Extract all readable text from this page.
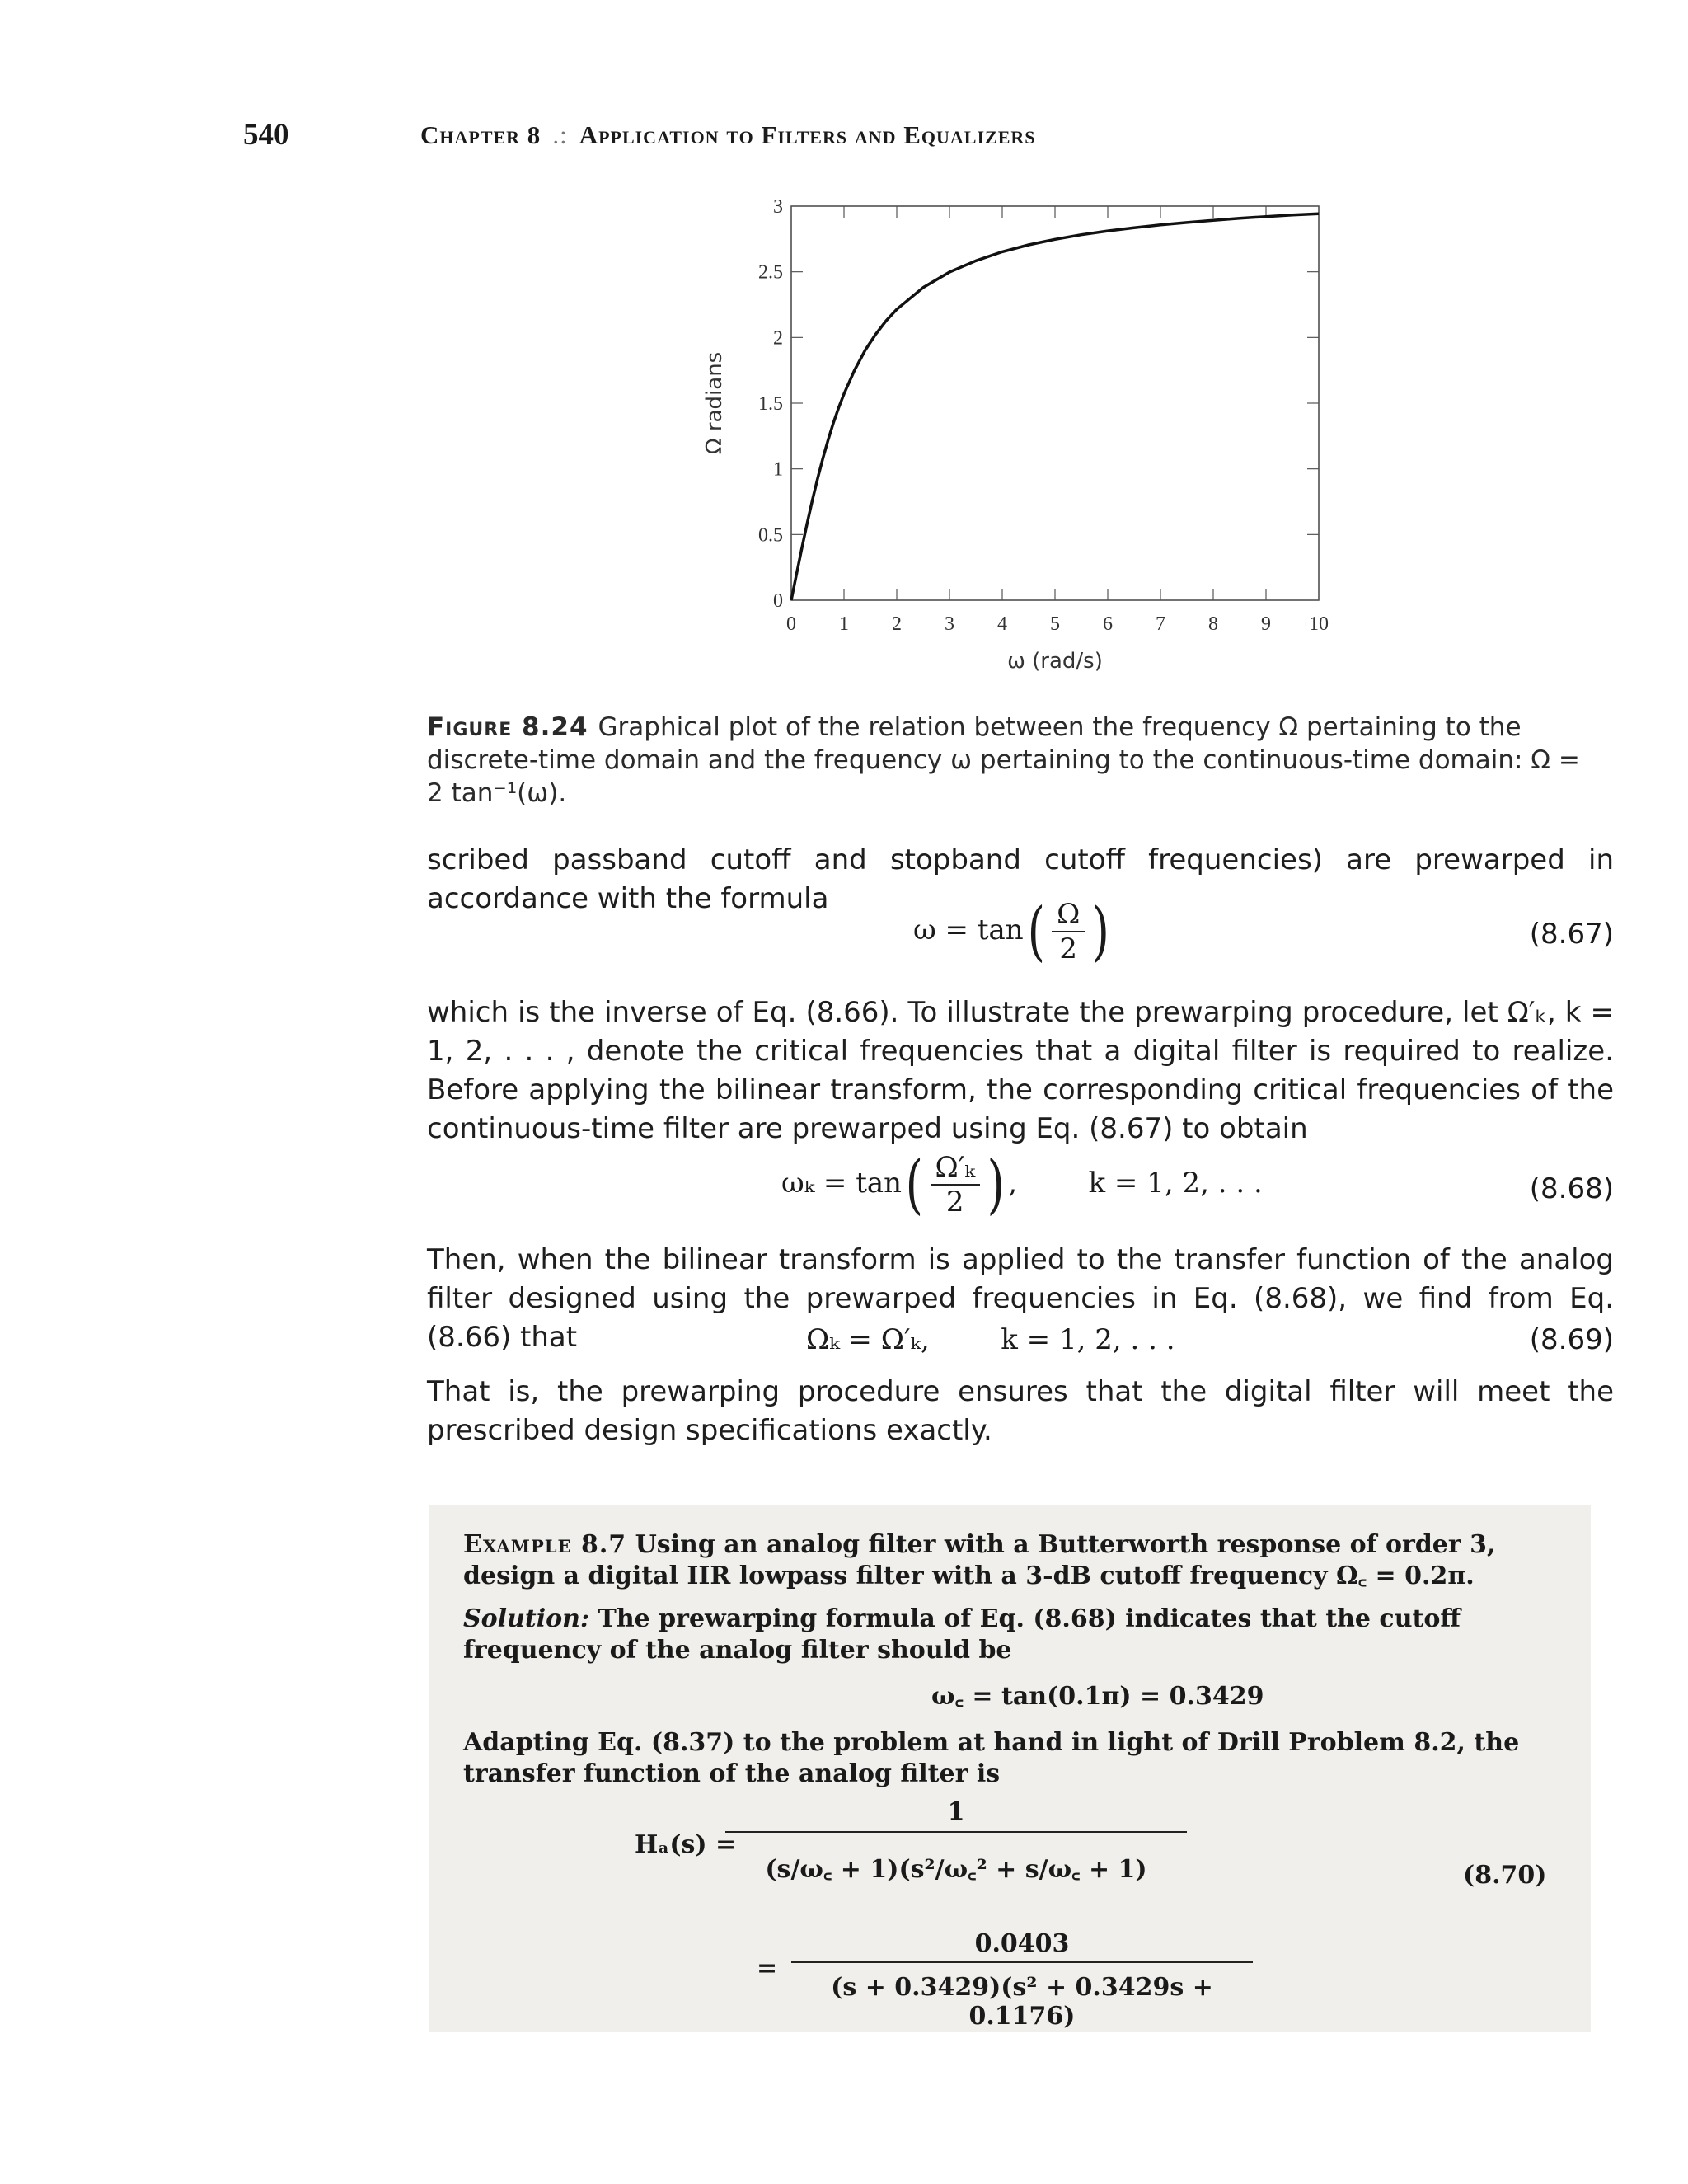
540	Chapter 8 .: Application to Filters and Equalizers
0 1 2 3 4 5 6 7 8 9 10
0
0.5
1
1.5
2
2.5
3
ω (rad/s)
Ω radians
Figure 8.24 Graphical plot of the relation between the frequency Ω pertaining to the discrete-time domain and the frequency ω pertaining to the continuous-time domain: Ω = 2 tan⁻¹(ω).
scribed passband cutoff and stopband cutoff frequencies) are prewarped in accordance with the formula
$\omega = \tan( \frac{\Omega}{2}$ )	(8.67)
which is the inverse of Eq. (8.66). To illustrate the prewarping procedure, let Ω′ₖ, k = 1, 2, . . . , denote the critical frequencies that a digital filter is required to realize. Before applying the bilinear transform, the corresponding critical frequencies of the continuous-time filter are prewarped using Eq. (8.67) to obtain
$\omega_k = \tan( \frac{\text{Ω′ₖ}}{2}$ ) ,        k = 1, 2, . . .	(8.68)
Then, when the bilinear transform is applied to the transfer function of the analog filter designed using the prewarped frequencies in Eq. (8.68), we find from Eq. (8.66) that	Ωₖ = Ω′ₖ,        k = 1, 2, . . .	(8.69)
That is, the prewarping procedure ensures that the digital filter will meet the prescribed design specifications exactly.
Example 8.7 Using an analog filter with a Butterworth response of order 3, design a digital IIR lowpass filter with a 3-dB cutoff frequency Ω꜀ = 0.2π.
Solution: The prewarping formula of Eq. (8.68) indicates that the cutoff frequency of the analog filter should be
ω꜀ = tan(0.1π) = 0.3429
Adapting Eq. (8.37) to the problem at hand in light of Drill Problem 8.2, the transfer function of the analog filter is
Hₐ(s) =
1
(s/ω꜀ + 1)(s²/ω꜀² + s/ω꜀ + 1)	(8.70)
=
0.0403
(s + 0.3429)(s² + 0.3429s + 0.1176)
